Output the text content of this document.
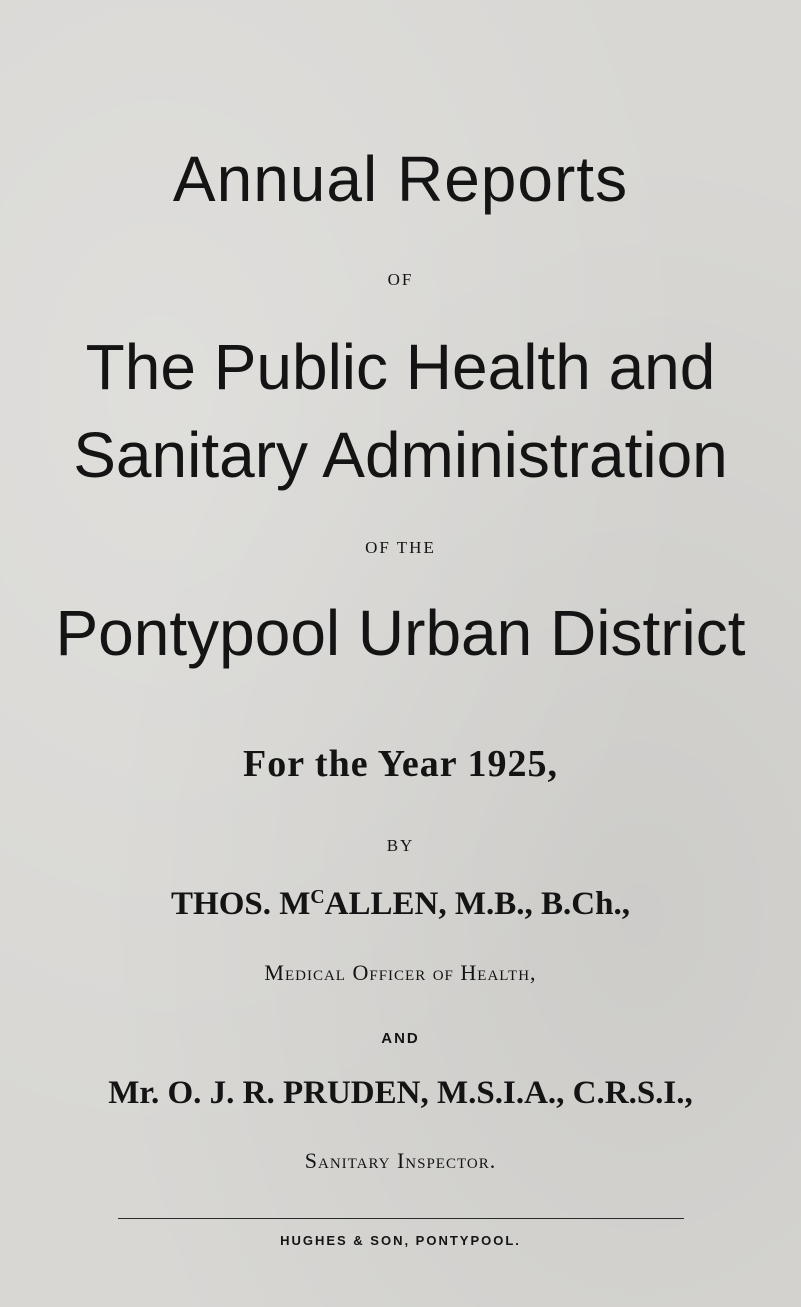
Annual Reports
OF
The Public Health and
Sanitary Administration
OF THE
Pontypool Urban District
For the Year 1925,
BY
THOS. $M^CALLEN$, M.B., B.Ch.,
Medical Officer of Health,
AND
Mr. O. J. R. PRUDEN, M.S.I.A., C.R.S.I.,
Sanitary Inspector.
HUGHES & SON, PONTYPOOL.
